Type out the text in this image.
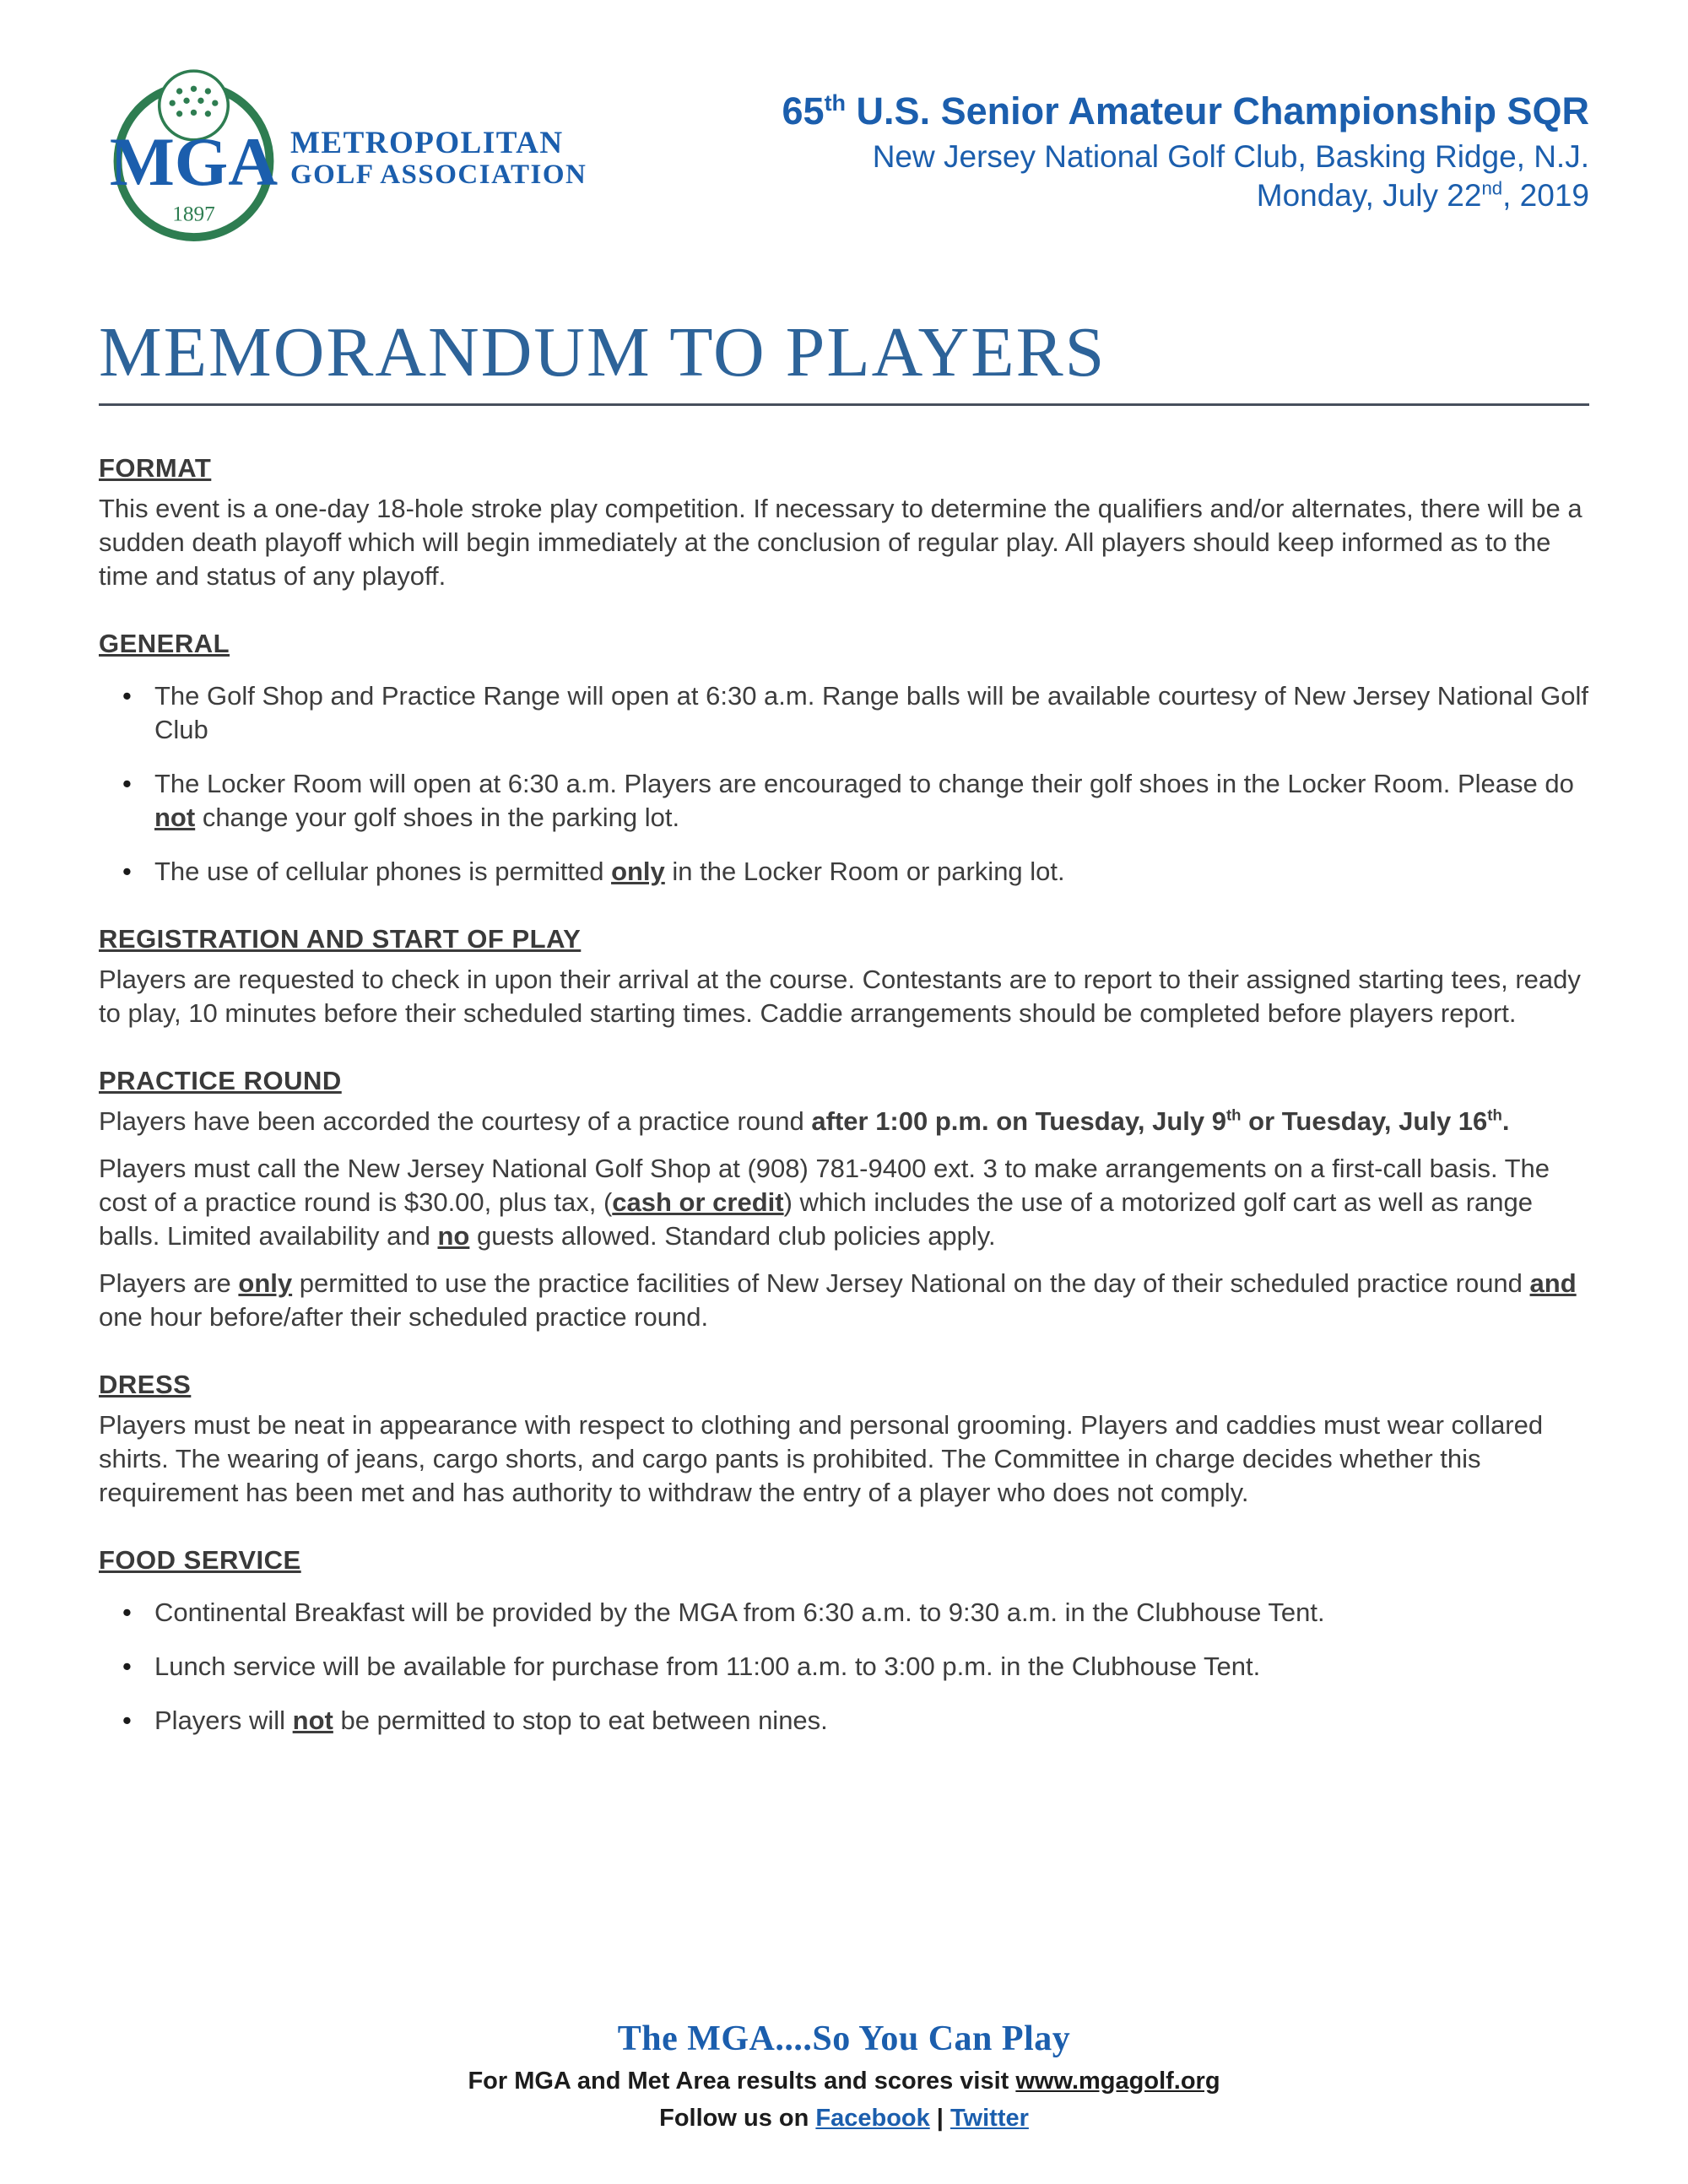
MGA
1897
METROPOLITAN
GOLF ASSOCIATION
65th U.S. Senior Amateur Championship SQR
New Jersey National Golf Club, Basking Ridge, N.J.
Monday, July 22nd, 2019
MEMORANDUM TO PLAYERS
FORMAT

This event is a one-day 18-hole stroke play competition. If necessary to determine the qualifiers and/or alternates, there will be a sudden death playoff which will begin immediately at the conclusion of regular play. All players should keep informed as to the time and status of any playoff.

GENERAL
• The Golf Shop and Practice Range will open at 6:30 a.m. Range balls will be available courtesy of New Jersey National Golf Club
• The Locker Room will open at 6:30 a.m. Players are encouraged to change their golf shoes in the Locker Room. Please do not change your golf shoes in the parking lot.
• The use of cellular phones is permitted only in the Locker Room or parking lot.
REGISTRATION AND START OF PLAY

Players are requested to check in upon their arrival at the course. Contestants are to report to their assigned starting tees, ready to play, 10 minutes before their scheduled starting times. Caddie arrangements should be completed before players report.

PRACTICE ROUND

Players have been accorded the courtesy of a practice round after 1:00 p.m. on Tuesday, July 9th or Tuesday, July 16th.

Players must call the New Jersey National Golf Shop at (908) 781-9400 ext. 3 to make arrangements on a first-call basis. The cost of a practice round is $30.00, plus tax, (cash or credit) which includes the use of a motorized golf cart as well as range balls. Limited availability and no guests allowed. Standard club policies apply.

Players are only permitted to use the practice facilities of New Jersey National on the day of their scheduled practice round and one hour before/after their scheduled practice round.

DRESS

Players must be neat in appearance with respect to clothing and personal grooming. Players and caddies must wear collared shirts. The wearing of jeans, cargo shorts, and cargo pants is prohibited. The Committee in charge decides whether this requirement has been met and has authority to withdraw the entry of a player who does not comply.

FOOD SERVICE
• Continental Breakfast will be provided by the MGA from 6:30 a.m. to 9:30 a.m. in the Clubhouse Tent.
• Lunch service will be available for purchase from 11:00 a.m. to 3:00 p.m. in the Clubhouse Tent.
• Players will not be permitted to stop to eat between nines.
The MGA....So You Can Play
For MGA and Met Area results and scores visit www.mgagolf.org
Follow us on Facebook | Twitter
